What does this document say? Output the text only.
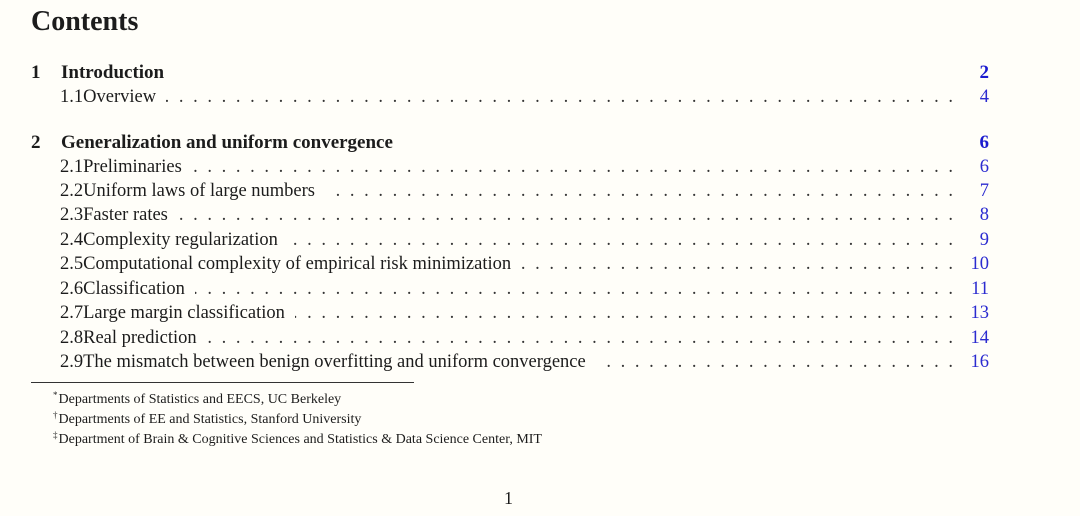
Contents
1	Introduction	2
1.1 Overview . . .	4
2	Generalization and uniform convergence	6
2.1 Preliminaries . . .	6
2.2 Uniform laws of large numbers . . .	7
2.3 Faster rates . . .	8
2.4 Complexity regularization . . .	9
2.5 Computational complexity of empirical risk minimization . . .	10
2.6 Classification . . .	11
2.7 Large margin classification . . .	13
2.8 Real prediction . . .	14
2.9 The mismatch between benign overfitting and uniform convergence . . .	16
*Departments of Statistics and EECS, UC Berkeley
†Departments of EE and Statistics, Stanford University
‡Department of Brain & Cognitive Sciences and Statistics & Data Science Center, MIT
1
